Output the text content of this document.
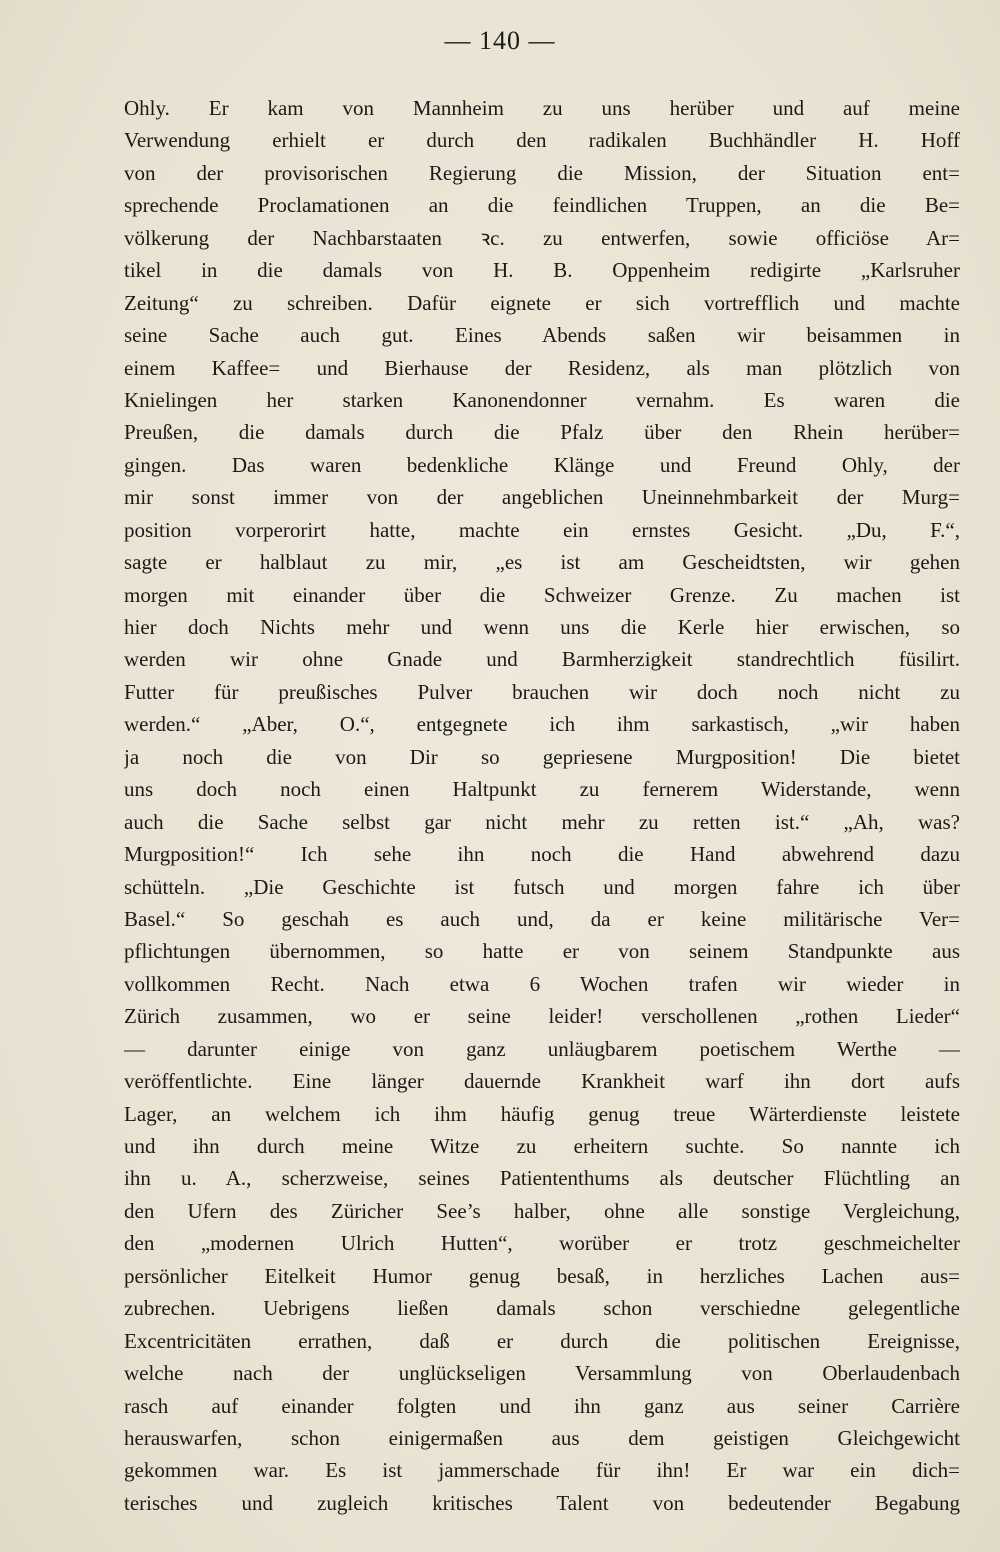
— 140 —
Ohly. Er kam von Mannheim zu uns herüber und auf meine
Verwendung erhielt er durch den radikalen Buchhändler H. Hoff
von der provisorischen Regierung die Mission, der Situation ent=
sprechende Proclamationen an die feindlichen Truppen, an die Be=
völkerung der Nachbarstaaten ꝛc. zu entwerfen, sowie officiöse Ar=
tikel in die damals von H. B. Oppenheim redigirte „Karlsruher
Zeitung“ zu schreiben. Dafür eignete er sich vortrefflich und machte
seine Sache auch gut. Eines Abends saßen wir beisammen in
einem Kaffee= und Bierhause der Residenz, als man plötzlich von
Knielingen her starken Kanonendonner vernahm. Es waren die
Preußen, die damals durch die Pfalz über den Rhein herüber=
gingen. Das waren bedenkliche Klänge und Freund Ohly, der
mir sonst immer von der angeblichen Uneinnehmbarkeit der Murg=
position vorperorirt hatte, machte ein ernstes Gesicht. „Du, F.“,
sagte er halblaut zu mir, „es ist am Gescheidtsten, wir gehen
morgen mit einander über die Schweizer Grenze. Zu machen ist
hier doch Nichts mehr und wenn uns die Kerle hier erwischen, so
werden wir ohne Gnade und Barmherzigkeit standrechtlich füsilirt.
Futter für preußisches Pulver brauchen wir doch noch nicht zu
werden.“ „Aber, O.“, entgegnete ich ihm sarkastisch, „wir haben
ja noch die von Dir so gepriesene Murgposition! Die bietet
uns doch noch einen Haltpunkt zu fernerem Widerstande, wenn
auch die Sache selbst gar nicht mehr zu retten ist.“ „Ah, was?
Murgposition!“ Ich sehe ihn noch die Hand abwehrend dazu
schütteln. „Die Geschichte ist futsch und morgen fahre ich über
Basel.“ So geschah es auch und, da er keine militärische Ver=
pflichtungen übernommen, so hatte er von seinem Standpunkte aus
vollkommen Recht. Nach etwa 6 Wochen trafen wir wieder in
Zürich zusammen, wo er seine leider! verschollenen „rothen Lieder“
— darunter einige von ganz unläugbarem poetischem Werthe —
veröffentlichte. Eine länger dauernde Krankheit warf ihn dort aufs
Lager, an welchem ich ihm häufig genug treue Wärterdienste leistete
und ihn durch meine Witze zu erheitern suchte. So nannte ich
ihn u. A., scherzweise, seines Patiententhums als deutscher Flüchtling an
den Ufern des Züricher See’s halber, ohne alle sonstige Vergleichung,
den „modernen Ulrich Hutten“, worüber er trotz geschmeichelter
persönlicher Eitelkeit Humor genug besaß, in herzliches Lachen aus=
zubrechen. Uebrigens ließen damals schon verschiedne gelegentliche
Excentricitäten errathen, daß er durch die politischen Ereignisse,
welche nach der unglückseligen Versammlung von Oberlaudenbach
rasch auf einander folgten und ihn ganz aus seiner Carrière
herauswarfen, schon einigermaßen aus dem geistigen Gleichgewicht
gekommen war. Es ist jammerschade für ihn! Er war ein dich=
terisches und zugleich kritisches Talent von bedeutender Begabung
